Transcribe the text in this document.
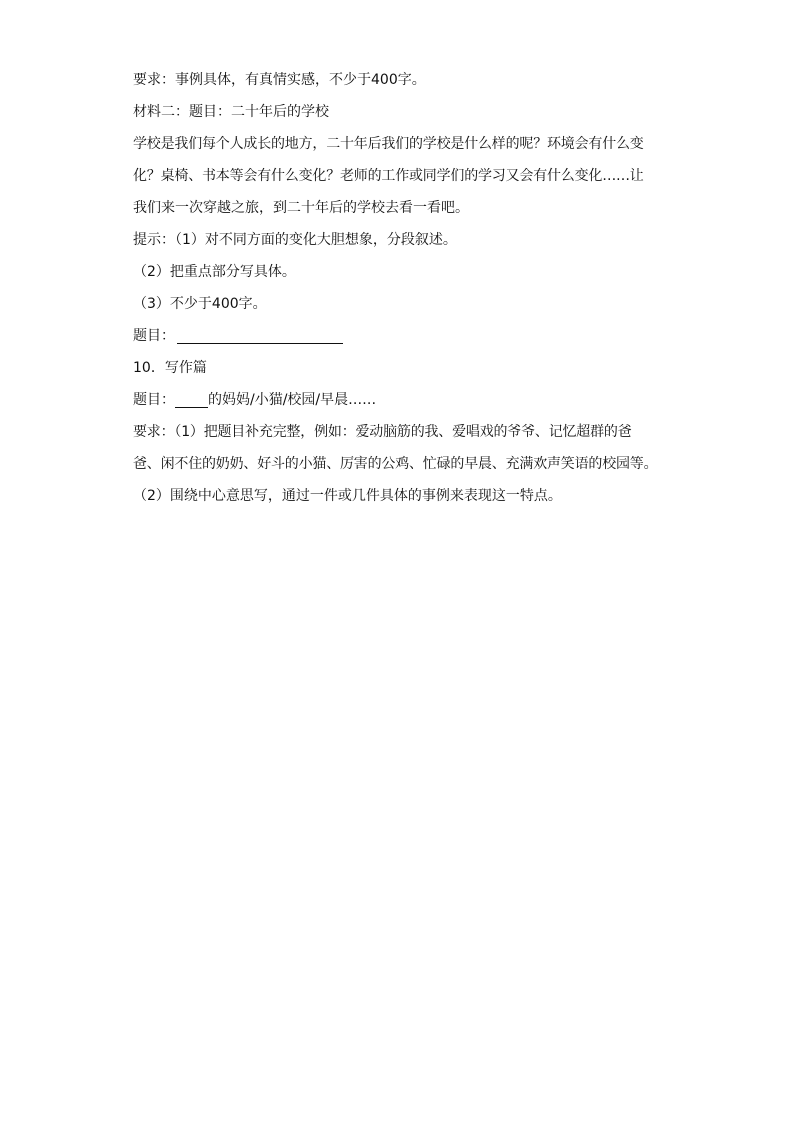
要求：事例具体，有真情实感，不少于400字。
材料二：题目：二十年后的学校
学校是我们每个人成长的地方，二十年后我们的学校是什么样的呢？环境会有什么变
化？桌椅、书本等会有什么变化？老师的工作或同学们的学习又会有什么变化……让
我们来一次穿越之旅，到二十年后的学校去看一看吧。
提示：（1）对不同方面的变化大胆想象，分段叙述。
（2）把重点部分写具体。
（3）不少于400字。
题目：
10．写作篇
题目： 的妈妈/小猫/校园/早晨……
要求：（1）把题目补充完整，例如：爱动脑筋的我、爱唱戏的爷爷、记忆超群的爸
爸、闲不住的奶奶、好斗的小猫、厉害的公鸡、忙碌的早晨、充满欢声笑语的校园等。
（2）围绕中心意思写，通过一件或几件具体的事例来表现这一特点。
